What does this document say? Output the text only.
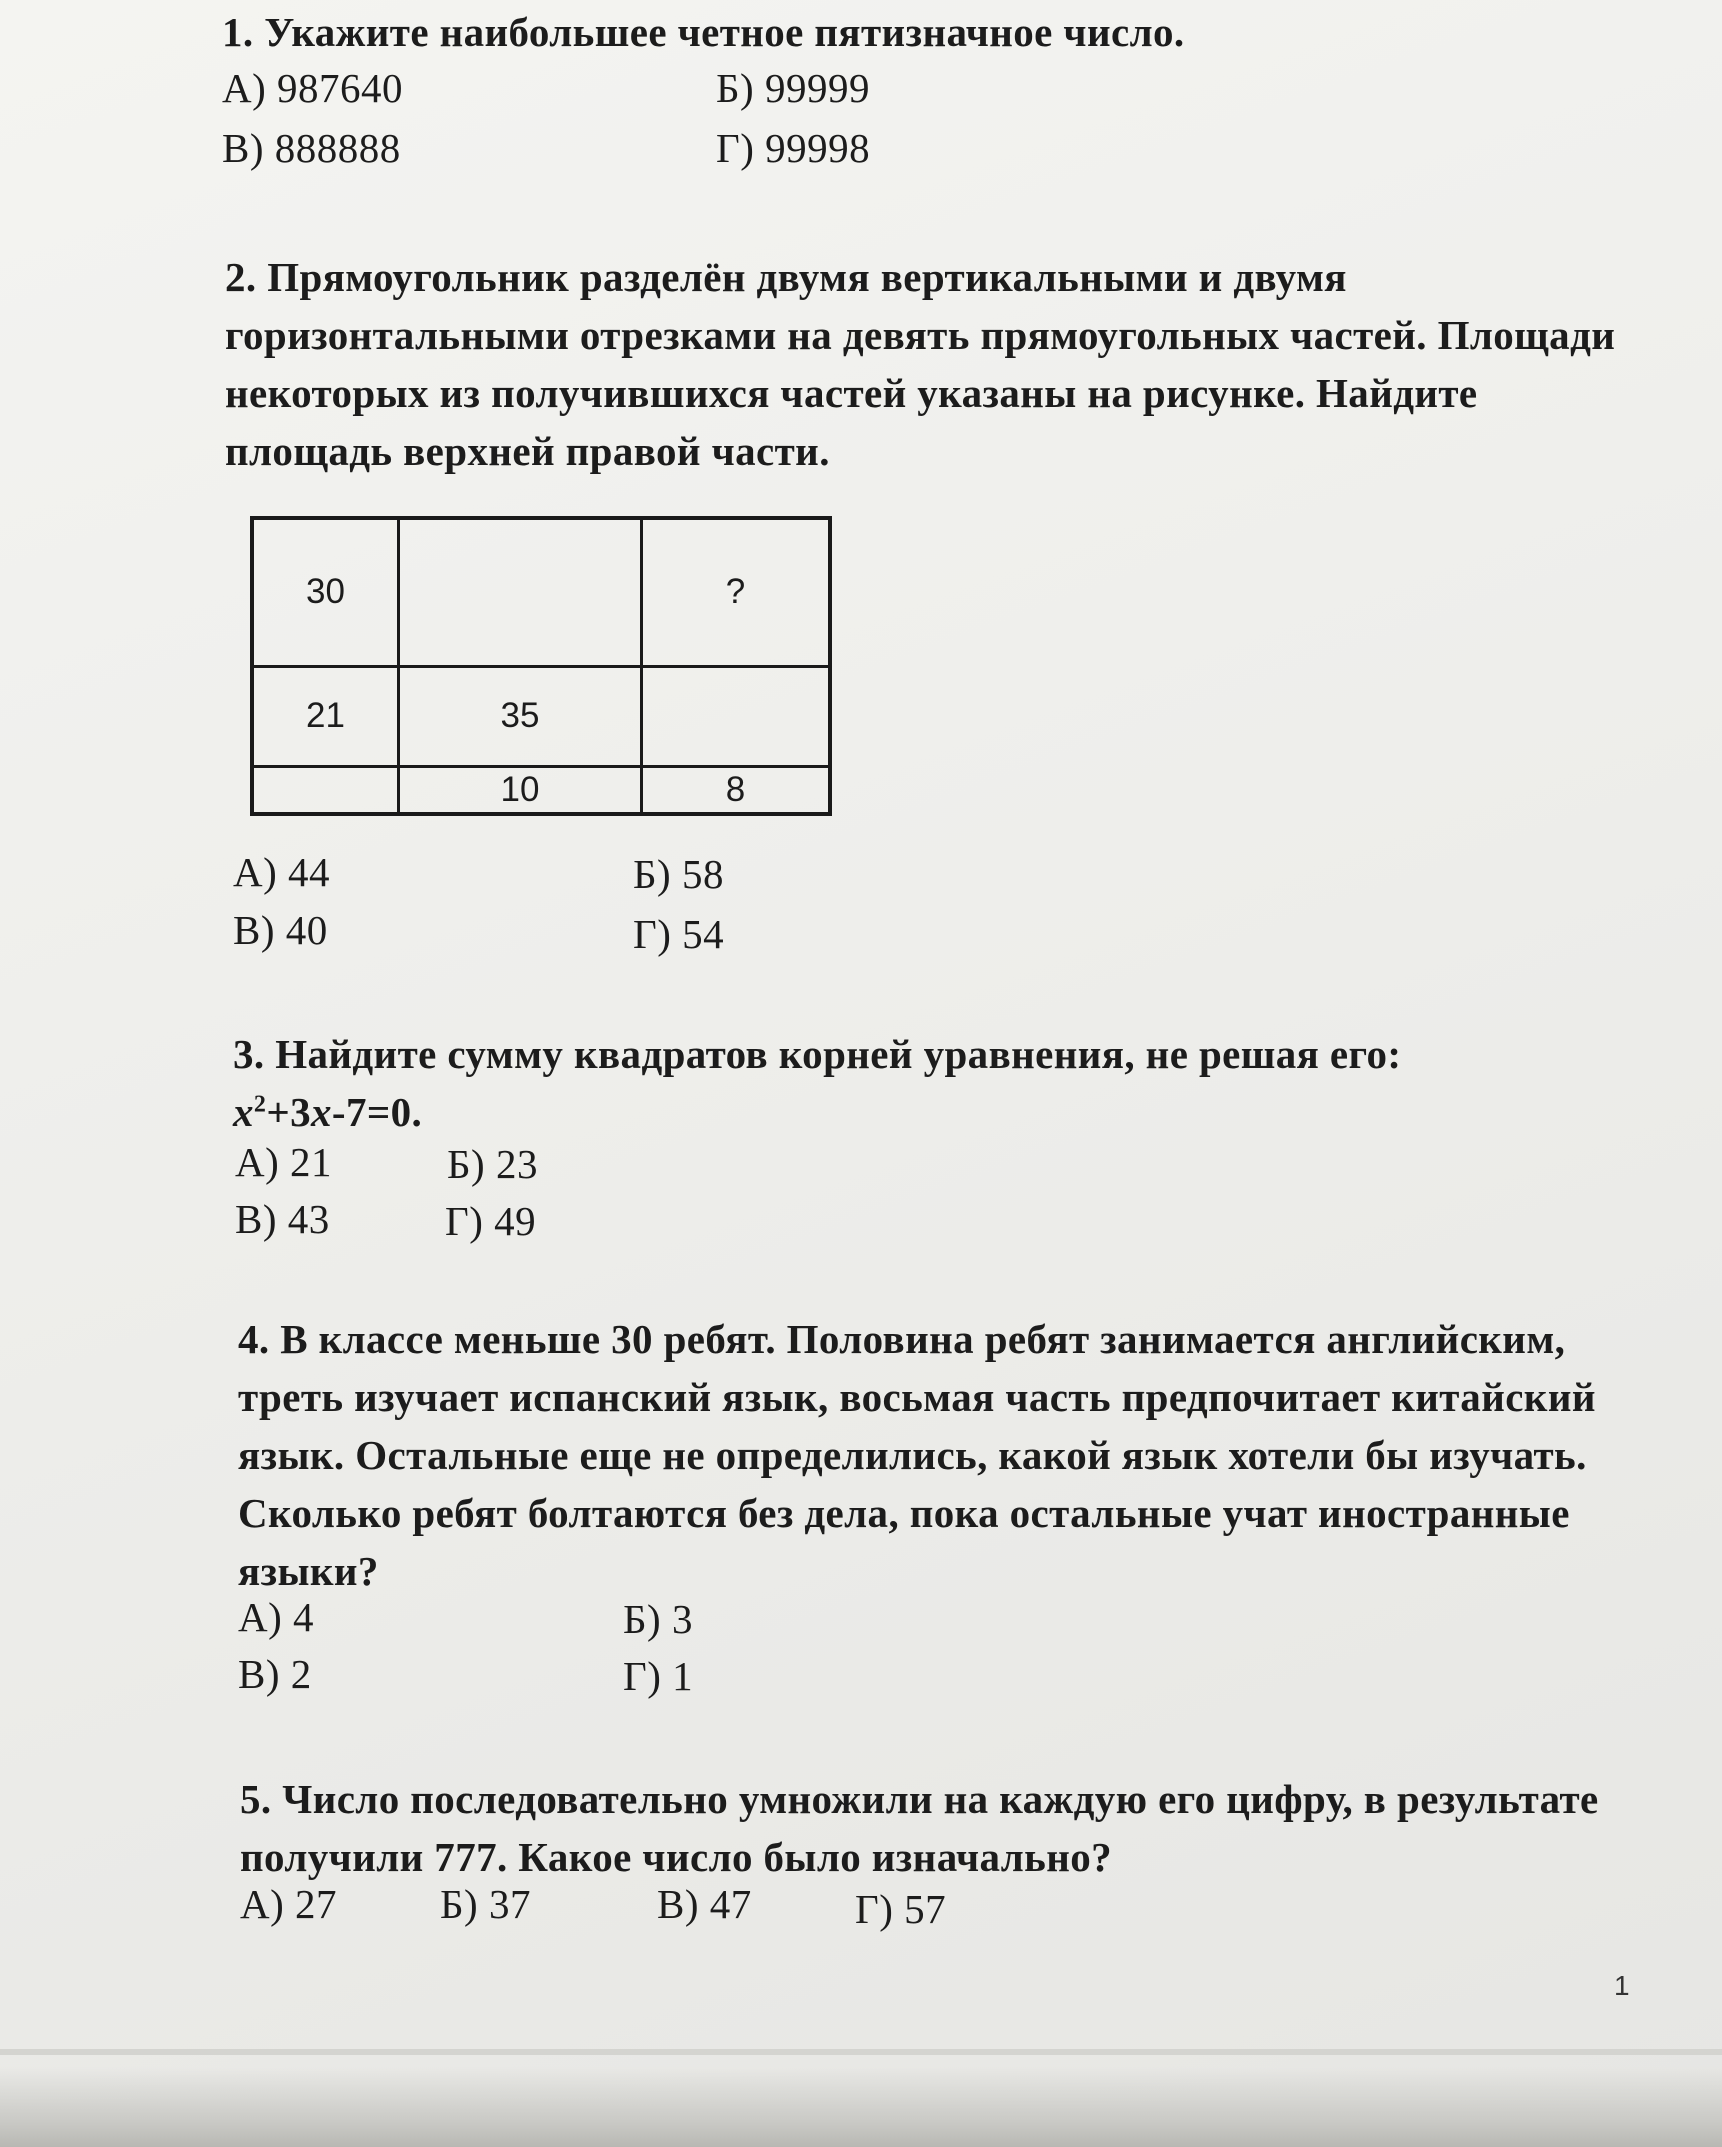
1. Укажите наибольшее четное пятизначное число.

А) 987640	Б) 99999
В) 888888	Г) 99998

2. Прямоугольник разделён двумя вертикальными и двумя

горизонтальными отрезками на девять прямоугольных частей. Площади

некоторых из получившихся частей указаны на рисунке. Найдите

площадь верхней правой части.

30		?
21	35	
	10	8
А) 44	Б) 58
В) 40	Г) 54

3. Найдите сумму квадратов корней уравнения, не решая его:

$x^2+3x-7=0$.

А) 21	Б) 23
В) 43	Г) 49

4. В классе меньше 30 ребят. Половина ребят занимается английским,

треть изучает испанский язык, восьмая часть предпочитает китайский

язык. Остальные еще не определились, какой язык хотели бы изучать.

Сколько ребят болтаются без дела, пока остальные учат иностранные

языки?

А) 4	Б) 3
В) 2	Г) 1

5. Число последовательно умножили на каждую его цифру, в результате

получили 777. Какое число было изначально?

А) 27	Б) 37	В) 47	Г) 57
1
